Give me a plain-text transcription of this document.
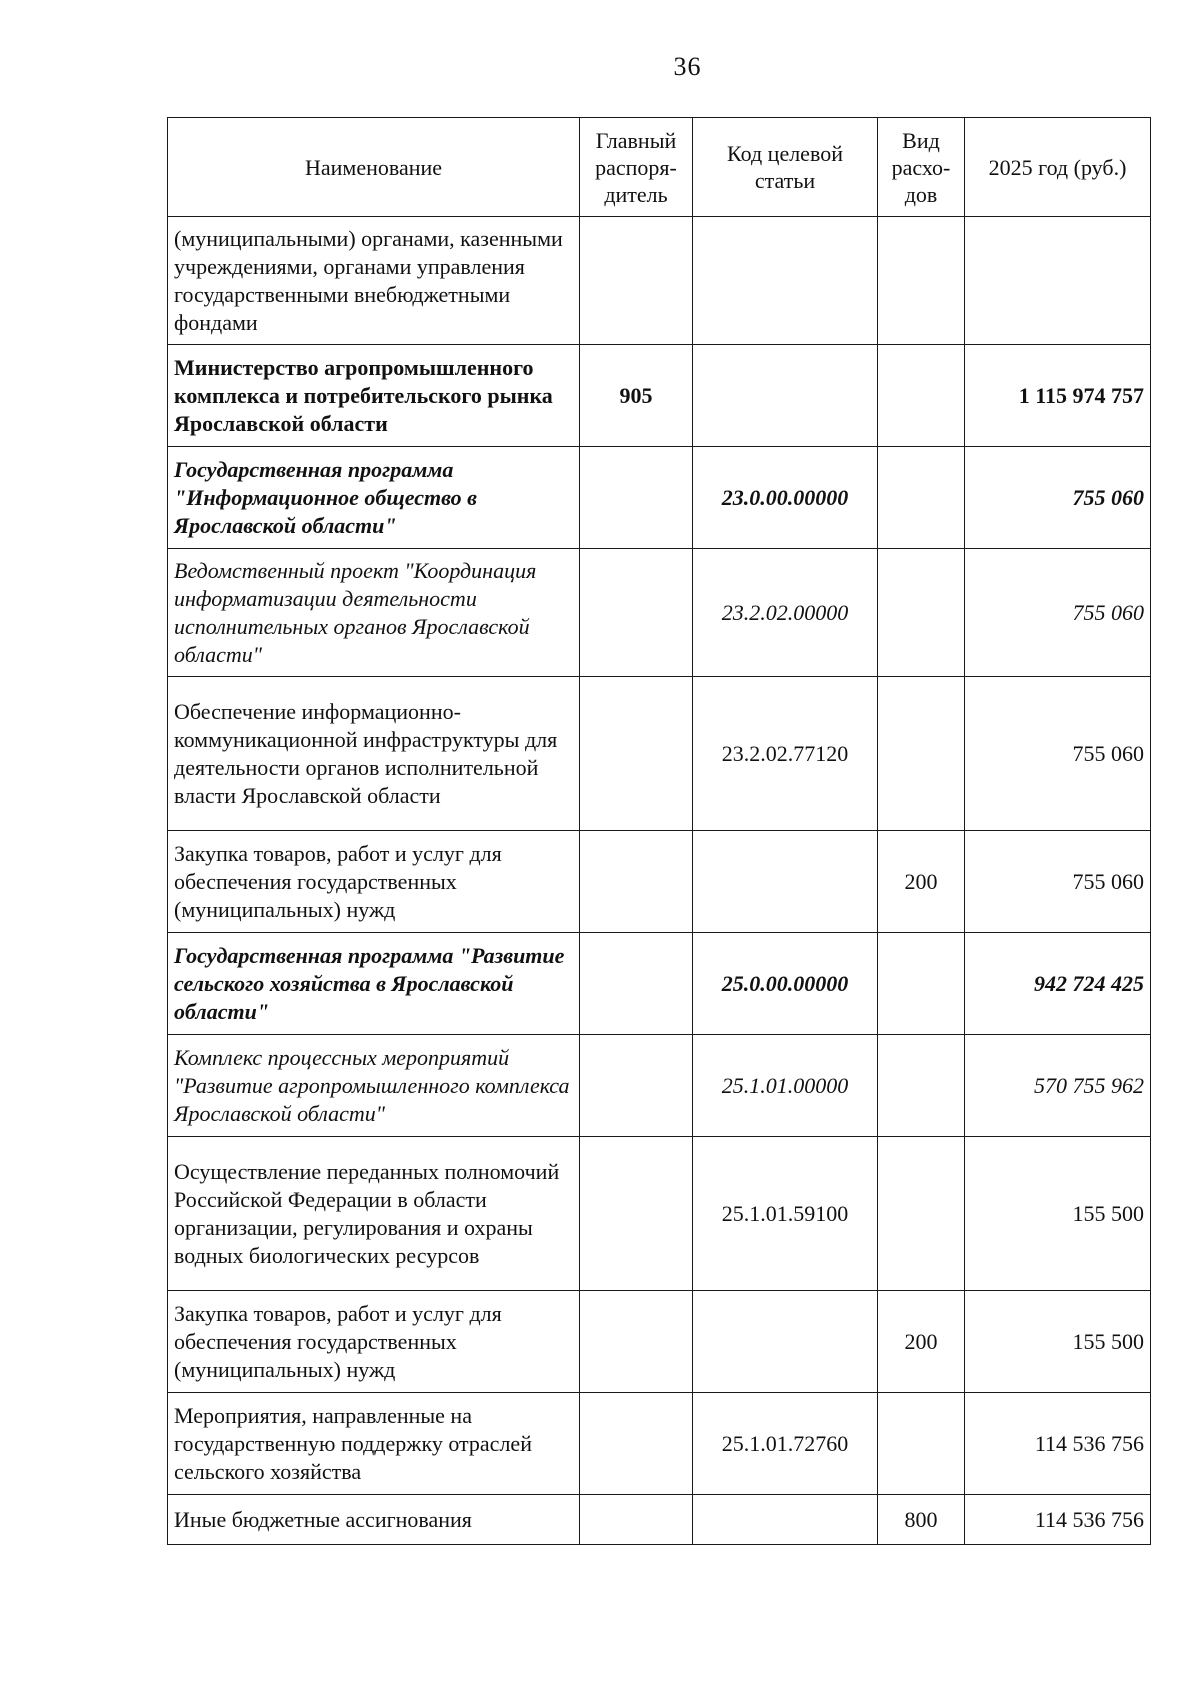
36
Наименование	Главный распоря-дитель	Код целевой статьи	Вид расхо-дов	2025 год (руб.)
(муниципальными) органами, казенными учреждениями, органами управления государственными внебюджетными фондами				
Министерство агропромышленного комплекса и потребительского рынка Ярославской области	905			1 115 974 757
Государственная программа "Информационное общество в Ярославской области"		23.0.00.00000		755 060
Ведомственный проект "Координация информатизации деятельности исполнительных органов Ярославской области"		23.2.02.00000		755 060
Обеспечение информационно-коммуникационной инфраструктуры для деятельности органов исполнительной власти Ярославской области		23.2.02.77120		755 060
Закупка товаров, работ и услуг для обеспечения государственных (муниципальных) нужд			200	755 060
Государственная программа "Развитие сельского хозяйства в Ярославской области"		25.0.00.00000		942 724 425
Комплекс процессных мероприятий "Развитие агропромышленного комплекса Ярославской области"		25.1.01.00000		570 755 962
Осуществление переданных полномочий Российской Федерации в области организации, регулирования и охраны водных биологических ресурсов		25.1.01.59100		155 500
Закупка товаров, работ и услуг для обеспечения государственных (муниципальных) нужд			200	155 500
Мероприятия, направленные на государственную поддержку отраслей сельского хозяйства		25.1.01.72760		114 536 756
Иные бюджетные ассигнования			800	114 536 756
